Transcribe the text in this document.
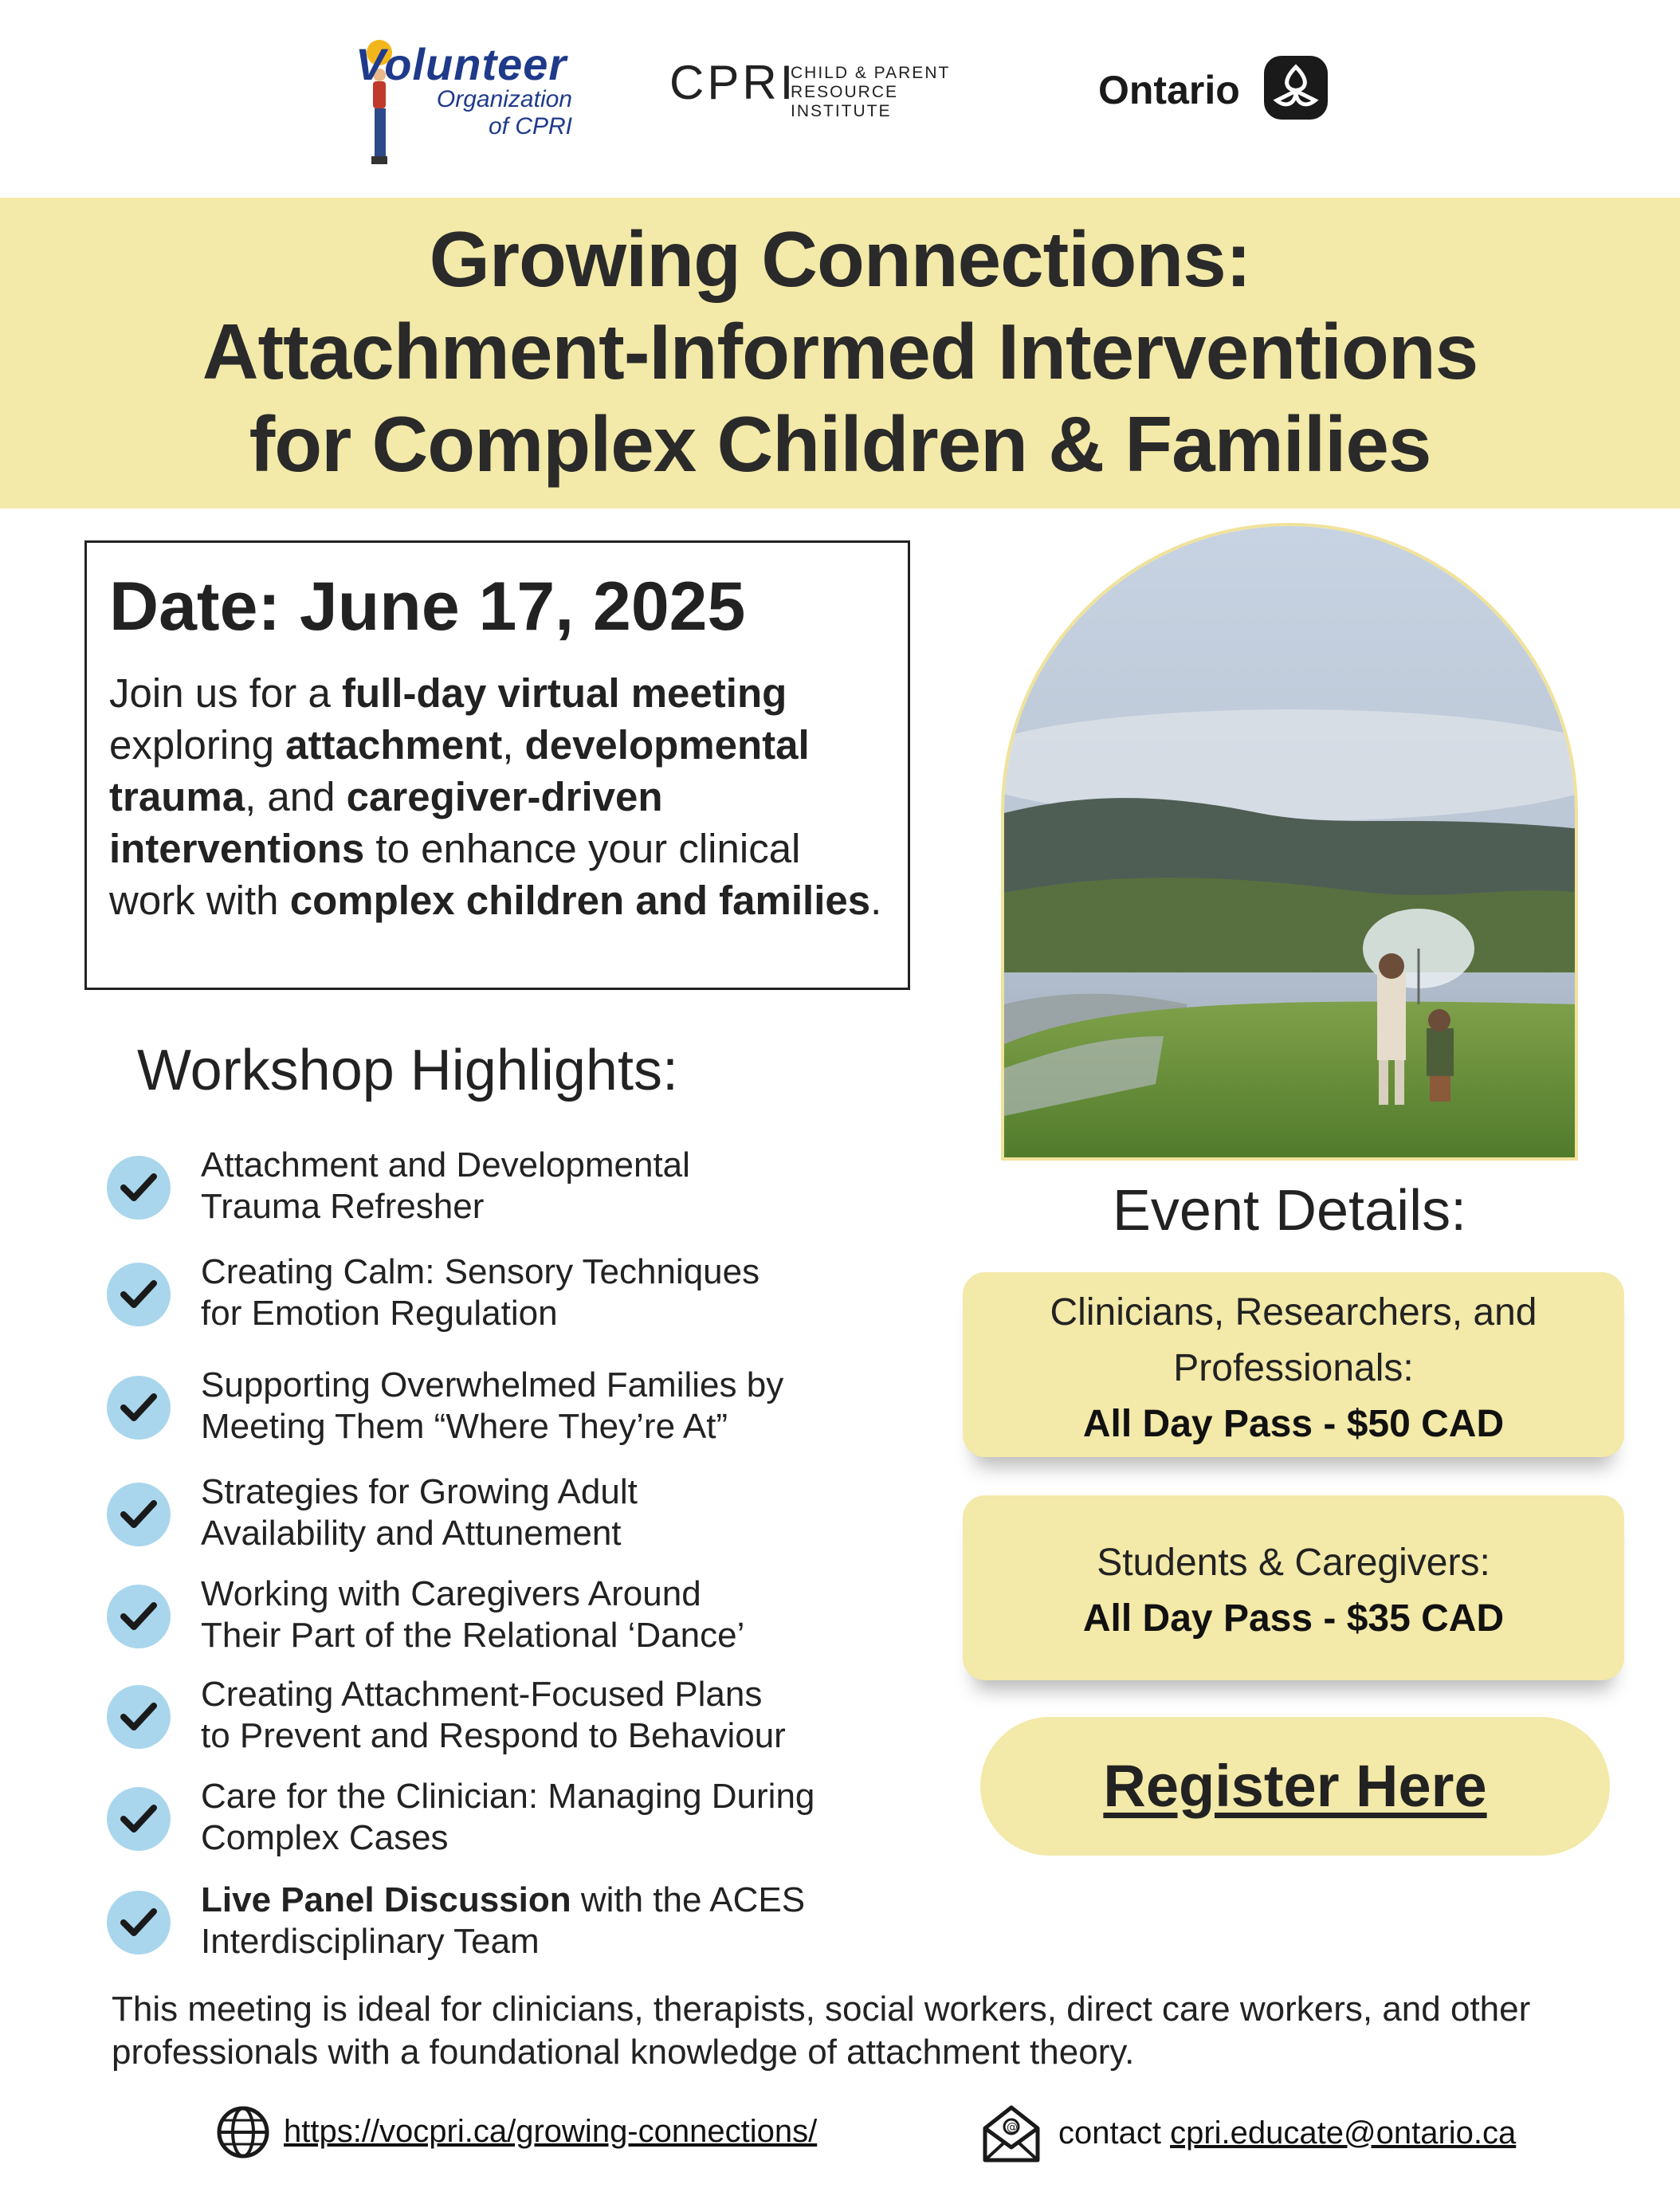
Volunteer
Organization
of CPRI
CPRI
CHILD & PARENT
RESOURCE INSTITUTE	Ontario
Growing Connections:
Attachment-Informed Interventions
for Complex Children & Families
Date: June 17, 2025
Join us for a full-day virtual meeting exploring attachment, developmental trauma, and caregiver-driven interventions to enhance your clinical work with complex children and families.
Workshop Highlights:
Attachment and Developmental
Trauma Refresher
Creating Calm: Sensory Techniques
for Emotion Regulation
Supporting Overwhelmed Families by
Meeting Them “Where They’re At”
Strategies for Growing Adult
Availability and Attunement
Working with Caregivers Around
Their Part of the Relational ‘Dance’
Creating Attachment-Focused Plans
to Prevent and Respond to Behaviour
Care for the Clinician: Managing During
Complex Cases
Live Panel Discussion with the ACES
Interdisciplinary Team
Event Details:
Clinicians, Researchers, and
Professionals:
All Day Pass - $50 CAD
Students & Caregivers:
All Day Pass - $35 CAD
Register Here
This meeting is ideal for clinicians, therapists, social workers, direct care workers, and other professionals with a foundational knowledge of attachment theory.
https://vocpri.ca/growing-connections/	@ contact cpri.educate@ontario.ca
